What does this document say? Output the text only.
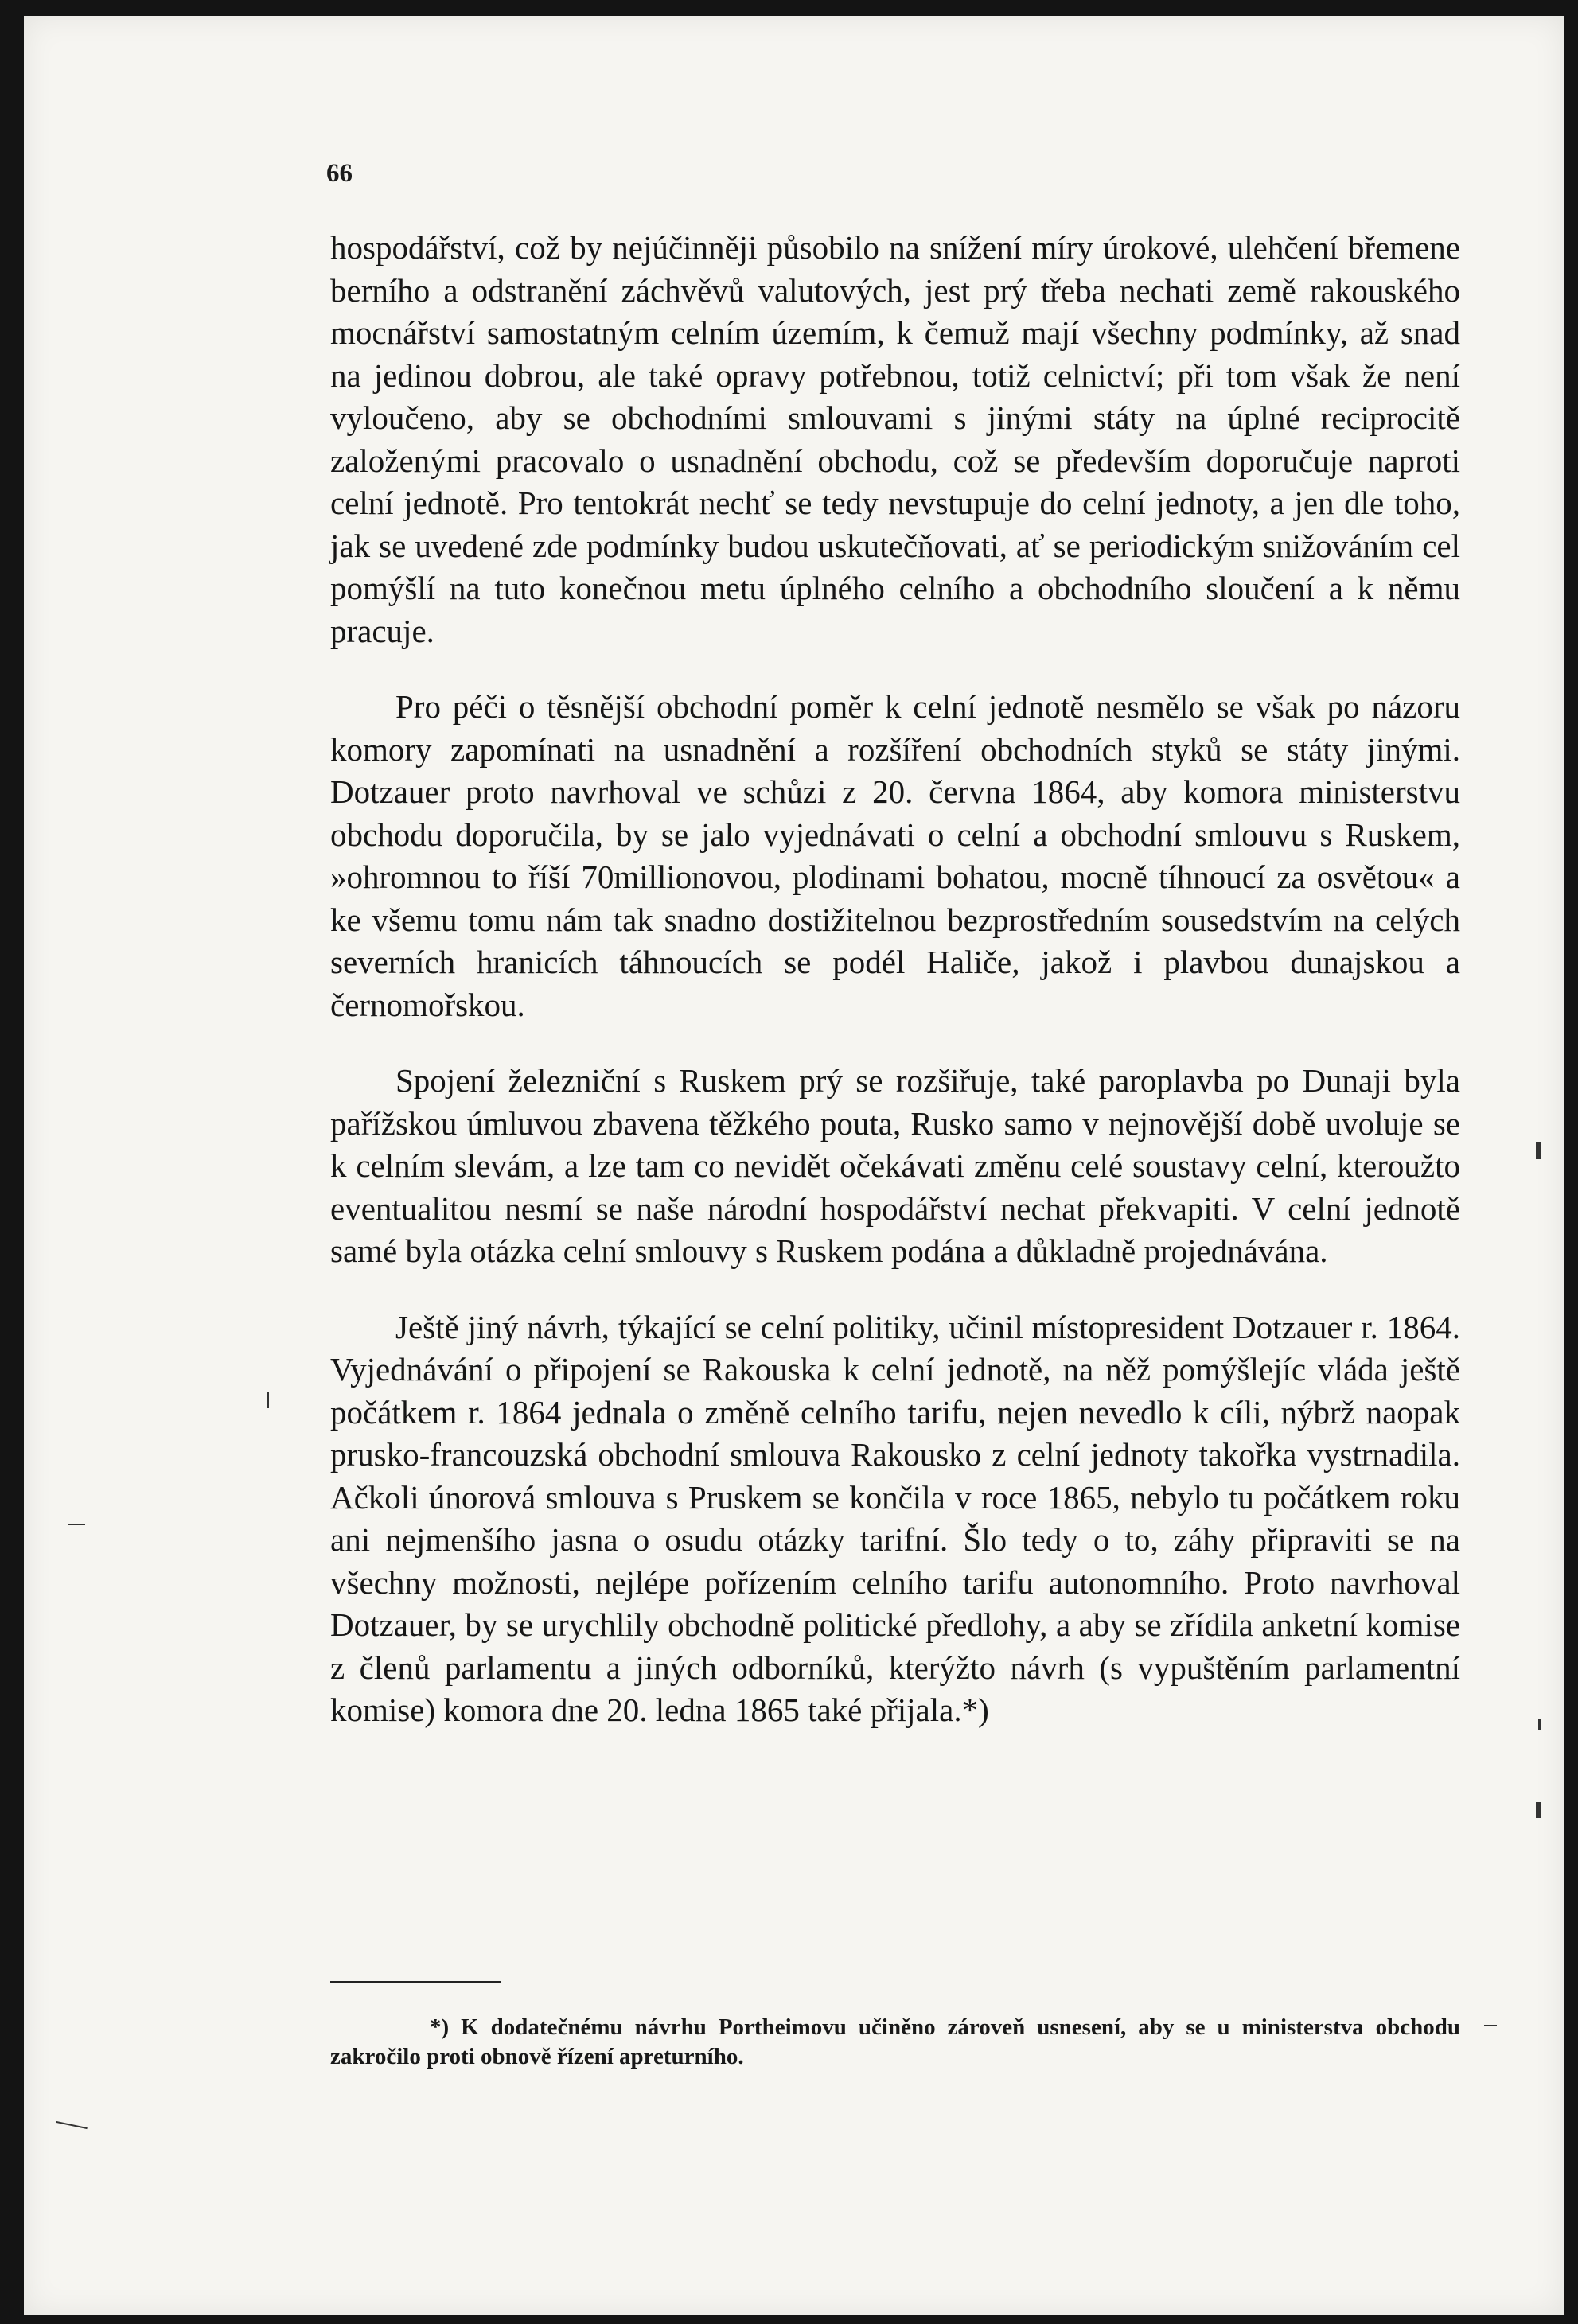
66

hospodářství, což by nejúčinněji působilo na snížení míry úrokové, ulehčení břemene berního a odstranění záchvěvů valutových, jest prý třeba nechati země rakouského mocnářství samostatným celním územím, k čemuž mají všechny podmínky, až snad na jedinou dobrou, ale také opravy potřebnou, totiž celnictví; při tom však že není vyloučeno, aby se obchodními smlouvami s jinými státy na úplné reciprocitě založenými pracovalo o usnadnění obchodu, což se především doporučuje naproti celní jednotě. Pro tentokrát nechť se tedy nevstupuje do celní jednoty, a jen dle toho, jak se uvedené zde podmínky budou uskutečňovati, ať se periodickým snižováním cel pomýšlí na tuto konečnou metu úplného celního a obchodního sloučení a k němu pracuje.

Pro péči o těsnější obchodní poměr k celní jednotě nesmělo se však po názoru komory zapomínati na usnadnění a rozšíření obchodních styků se státy jinými. Dotzauer proto navrhoval ve schůzi z 20. června 1864, aby komora ministerstvu obchodu doporučila, by se jalo vyjednávati o celní a obchodní smlouvu s Ruskem, »ohromnou to říší 70millionovou, plodinami bohatou, mocně tíhnoucí za osvětou« a ke všemu tomu nám tak snadno dostižitelnou bezprostředním sousedstvím na celých severních hranicích táhnoucích se podél Haliče, jakož i plavbou dunajskou a černomořskou.

Spojení železniční s Ruskem prý se rozšiřuje, také paroplavba po Dunaji byla pařížskou úmluvou zbavena těžkého pouta, Rusko samo v nejnovější době uvoluje se k celním slevám, a lze tam co nevidět očekávati změnu celé soustavy celní, kteroužto eventualitou nesmí se naše národní hospodářství nechat překvapiti. V celní jednotě samé byla otázka celní smlouvy s Ruskem podána a důkladně projednávána.

Ještě jiný návrh, týkající se celní politiky, učinil místopresident Dotzauer r. 1864. Vyjednávání o připojení se Rakouska k celní jednotě, na něž pomýšlejíc vláda ještě počátkem r. 1864 jednala o změně celního tarifu, nejen nevedlo k cíli, nýbrž naopak prusko-francouzská obchodní smlouva Rakousko z celní jednoty takořka vystrnadila. Ačkoli únorová smlouva s Pruskem se končila v roce 1865, nebylo tu počátkem roku ani nejmenšího jasna o osudu otázky tarifní. Šlo tedy o to, záhy připraviti se na všechny možnosti, nejlépe pořízením celního tarifu autonomního. Proto navrhoval Dotzauer, by se urychlily obchodně politické předlohy, a aby se zřídila anketní komise z členů parlamentu a jiných odborníků, kterýžto návrh (s vypuštěním parlamentní komise) komora dne 20. ledna 1865 také přijala.*)

*) K dodatečnému návrhu Portheimovu učiněno zároveň usnesení, aby se u ministerstva obchodu zakročilo proti obnově řízení apreturního.
